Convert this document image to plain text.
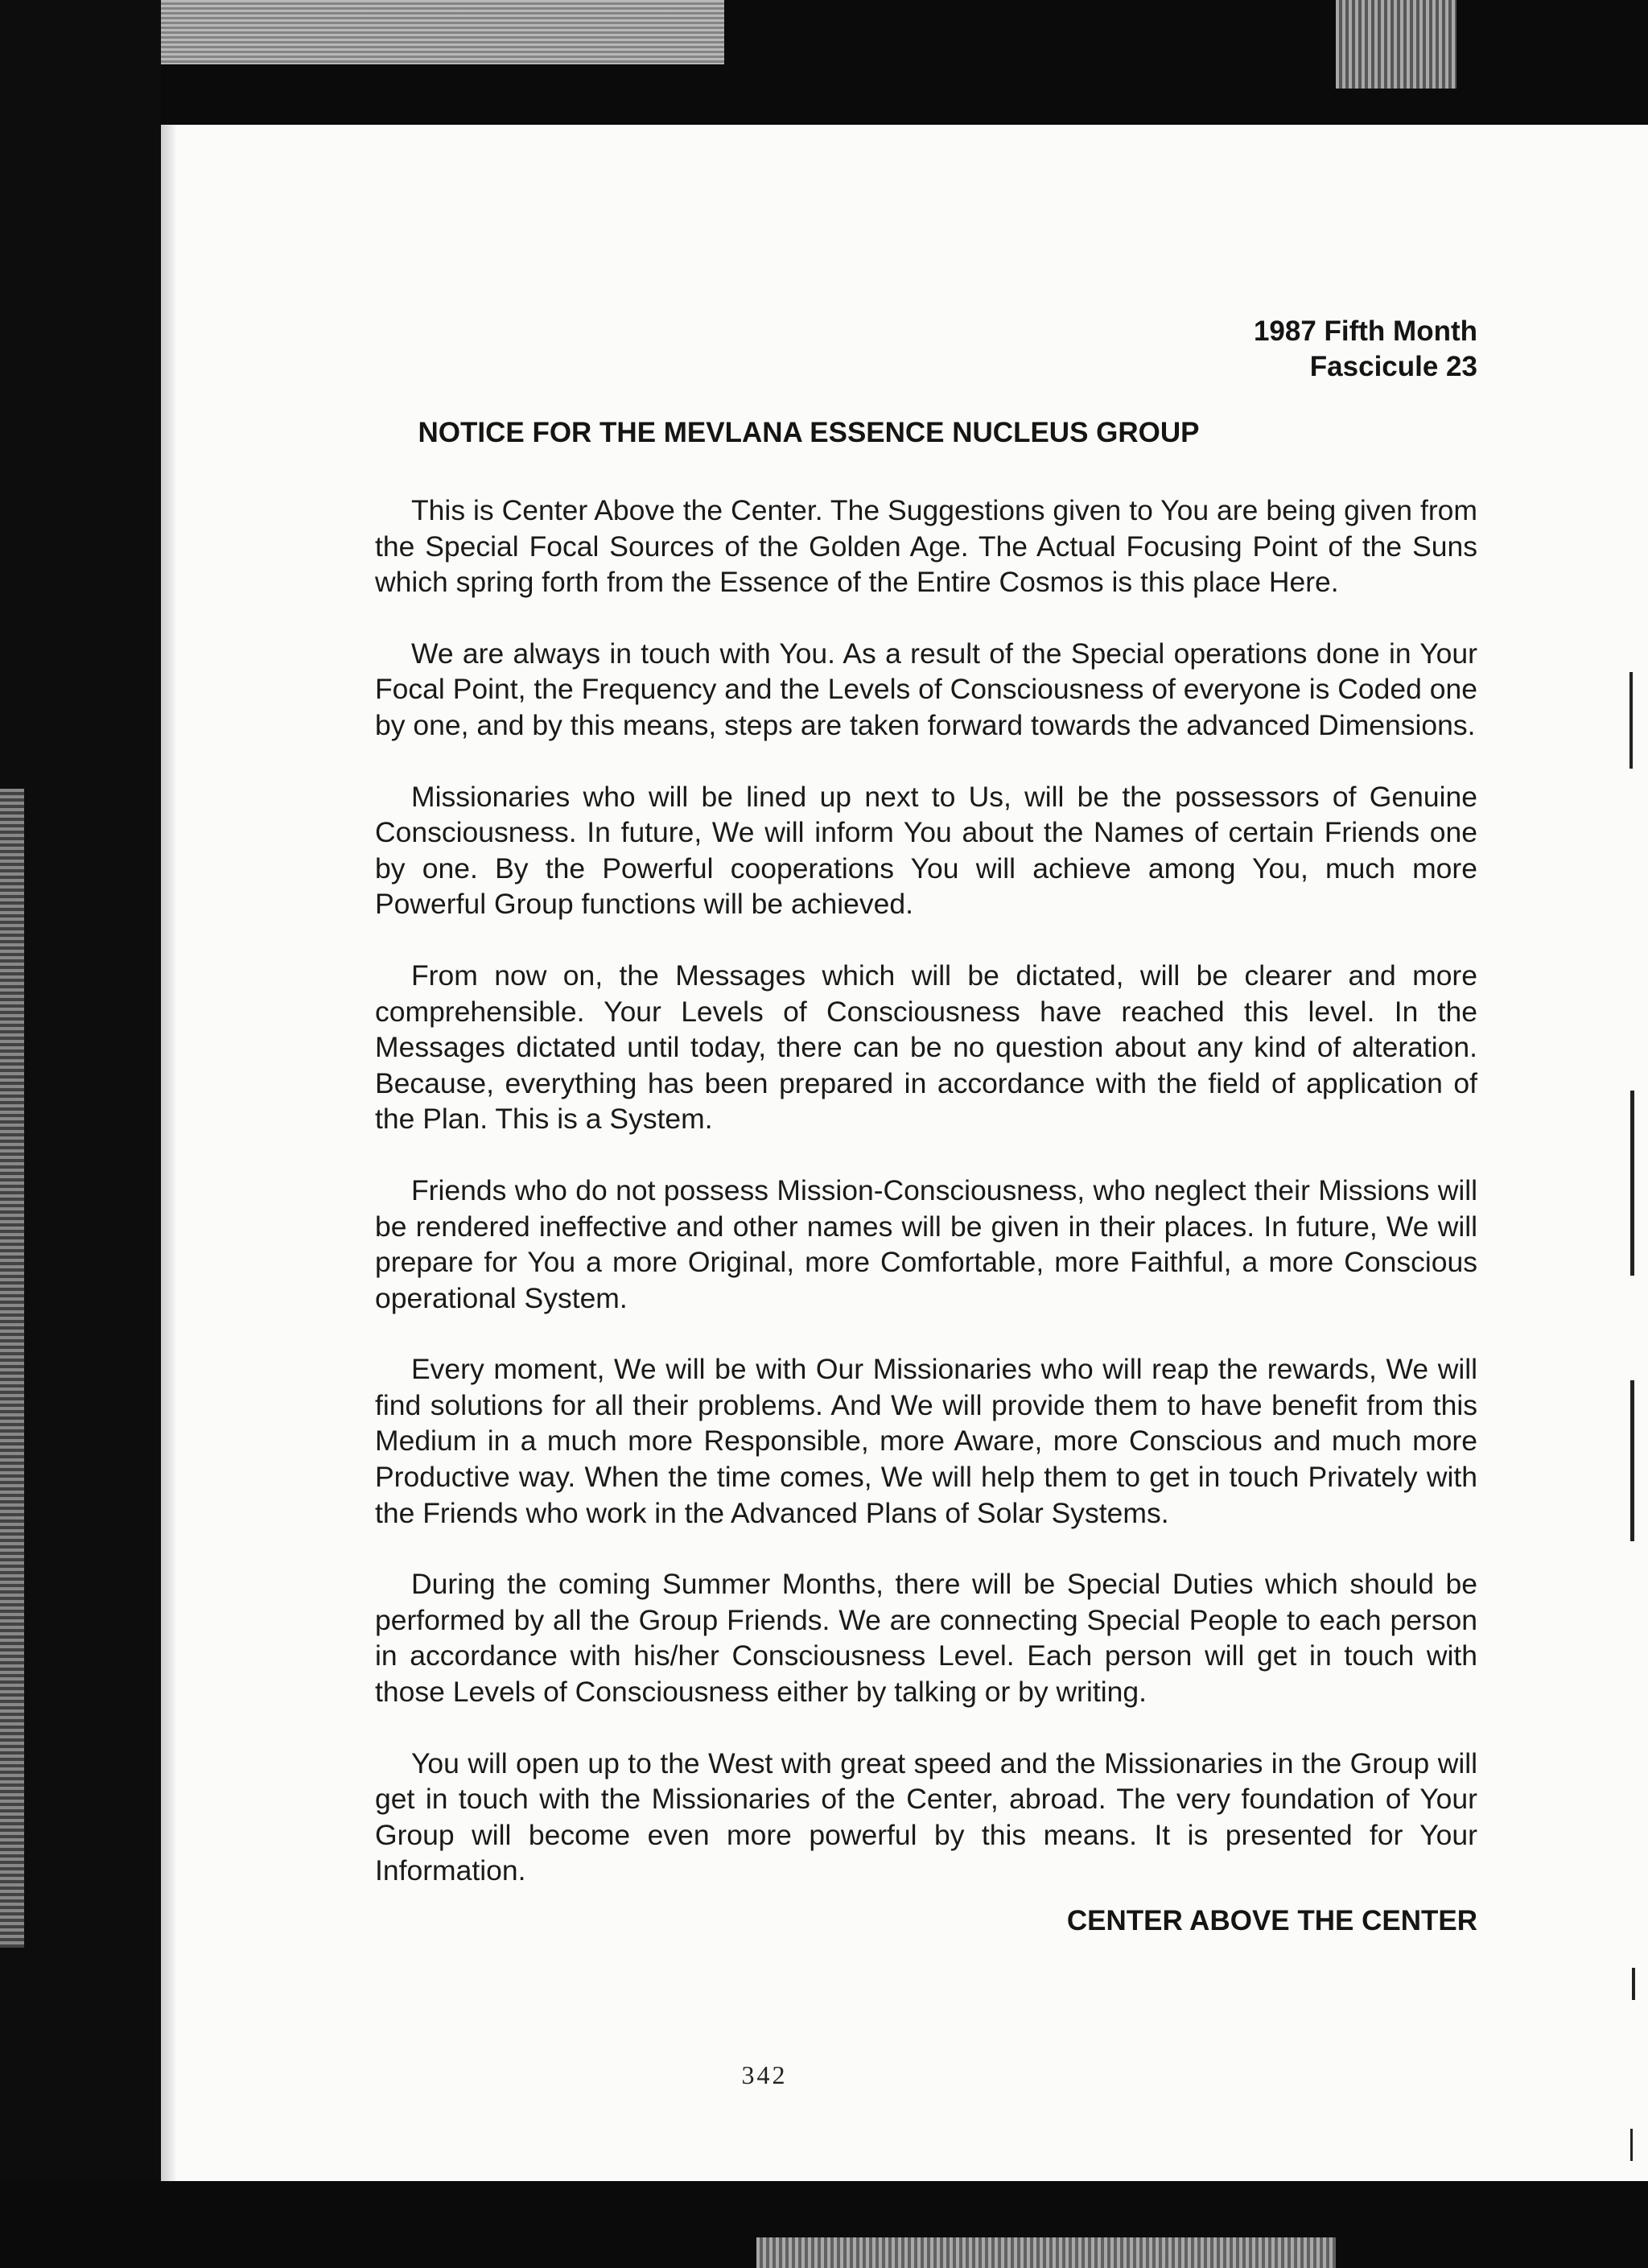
1987 Fifth Month
Fascicule 23
NOTICE FOR THE MEVLANA ESSENCE NUCLEUS GROUP

This is Center Above the Center. The Suggestions given to You are being given from the Special Focal Sources of the Golden Age. The Actual Focusing Point of the Suns which spring forth from the Essence of the Entire Cosmos is this place Here.

We are always in touch with You. As a result of the Special operations done in Your Focal Point, the Frequency and the Levels of Consciousness of everyone is Coded one by one, and by this means, steps are taken forward towards the advanced Dimensions.

Missionaries who will be lined up next to Us, will be the possessors of Genuine Consciousness. In future, We will inform You about the Names of certain Friends one by one. By the Powerful cooperations You will achieve among You, much more Powerful Group functions will be achieved.

From now on, the Messages which will be dictated, will be clearer and more comprehensible. Your Levels of Consciousness have reached this level. In the Messages dictated until today, there can be no question about any kind of alteration. Because, everything has been prepared in accordance with the field of application of the Plan. This is a System.

Friends who do not possess Mission-Consciousness, who neglect their Missions will be rendered ineffective and other names will be given in their places. In future, We will prepare for You a more Original, more Comfortable, more Faithful, a more Conscious operational System.

Every moment, We will be with Our Missionaries who will reap the rewards, We will find solutions for all their problems. And We will provide them to have benefit from this Medium in a much more Responsible, more Aware, more Conscious and much more Productive way. When the time comes, We will help them to get in touch Privately with the Friends who work in the Advanced Plans of Solar Systems.

During the coming Summer Months, there will be Special Duties which should be performed by all the Group Friends. We are connecting Special People to each person in accordance with his/her Consciousness Level. Each person will get in touch with those Levels of Consciousness either by talking or by writing.

You will open up to the West with great speed and the Missionaries in the Group will get in touch with the Missionaries of the Center, abroad. The very foundation of Your Group will become even more powerful by this means. It is presented for Your Information.

CENTER ABOVE THE CENTER
342
